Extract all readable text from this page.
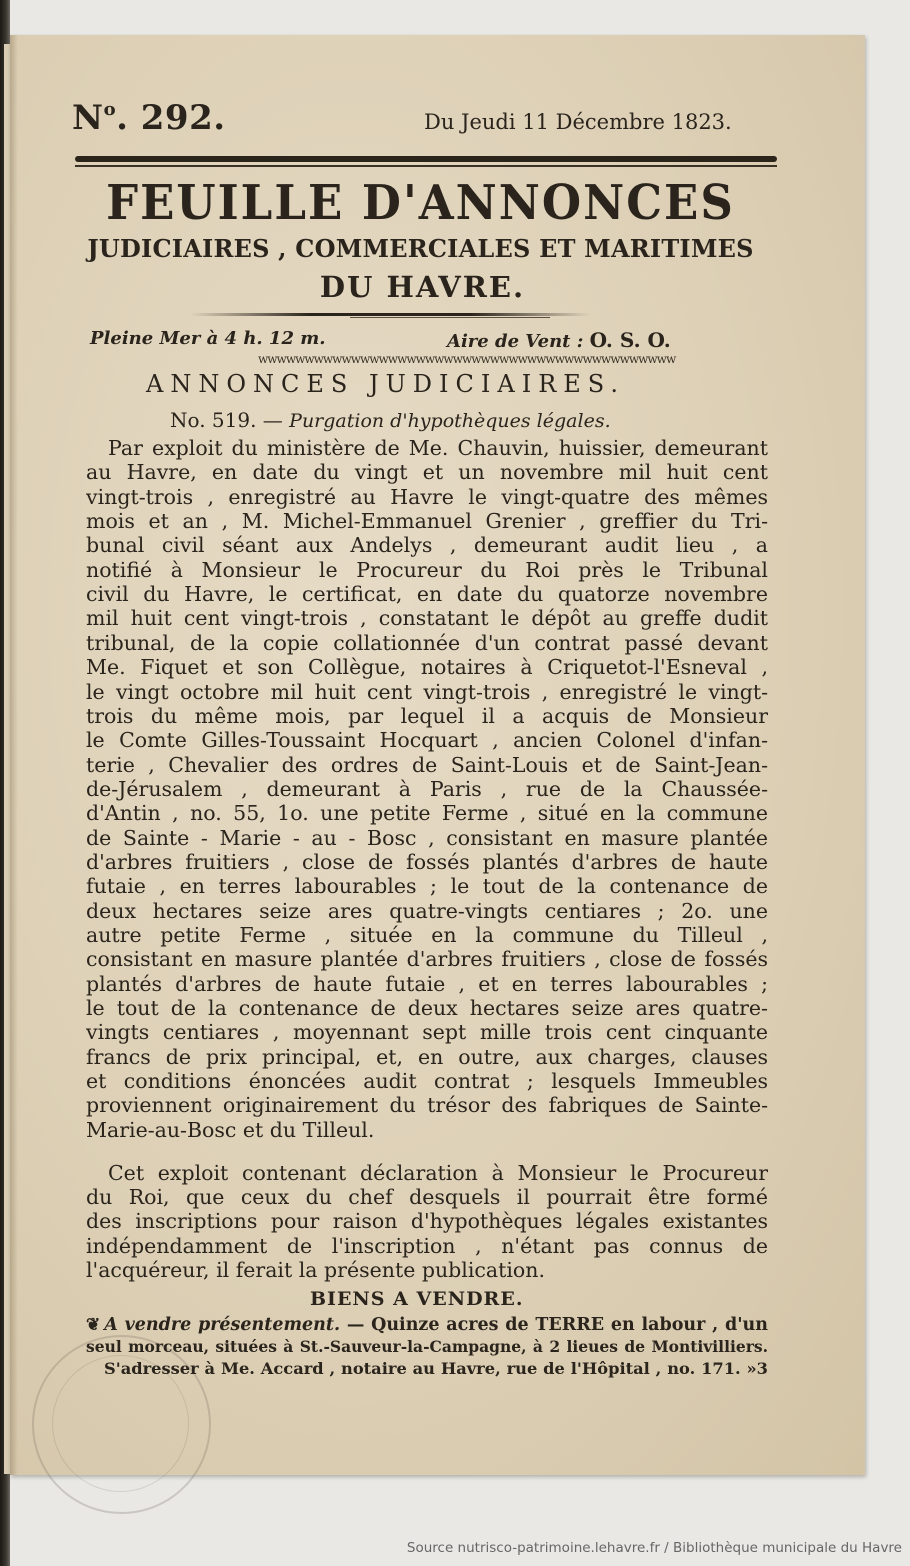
$N^o$. 292.	Du Jeudi 11 Décembre 1823.
FEUILLE D'ANNONCES
JUDICIAIRES , COMMERCIALES ET MARITIMES
DU HAVRE.
Pleine Mer à 4 h. 12 m.	Aire de Vent : O. S. O.
wwwwwwwwwwwwwwwwwwwwwwwwwwwwwwwwwwwwwwwwwwwww
ANNONCES JUDICIAIRES.
No. 519. — Purgation d'hypothèques légales.
Par exploit du ministère de Me. Chauvin, huissier, demeurant
au Havre, en date du vingt et un novembre mil huit cent
vingt-trois , enregistré au Havre le vingt-quatre des mêmes
mois et an , M. Michel-Emmanuel Grenier , greffier du Tri-
bunal civil séant aux Andelys , demeurant audit lieu , a
notifié à Monsieur le Procureur du Roi près le Tribunal
civil du Havre, le certificat, en date du quatorze novembre
mil huit cent vingt-trois , constatant le dépôt au greffe dudit
tribunal, de la copie collationnée d'un contrat passé devant
Me. Fiquet et son Collègue, notaires à Criquetot-l'Esneval ,
le vingt octobre mil huit cent vingt-trois , enregistré le vingt-
trois du même mois, par lequel il a acquis de Monsieur
le Comte Gilles-Toussaint Hocquart , ancien Colonel d'infan-
terie , Chevalier des ordres de Saint-Louis et de Saint-Jean-
de-Jérusalem , demeurant à Paris , rue de la Chaussée-
d'Antin , no. 55, 1o. une petite Ferme , situé en la commune
de Sainte - Marie - au - Bosc , consistant en masure plantée
d'arbres fruitiers , close de fossés plantés d'arbres de haute
futaie , en terres labourables ; le tout de la contenance de
deux hectares seize ares quatre-vingts centiares ; 2o. une
autre petite Ferme , située en la commune du Tilleul ,
consistant en masure plantée d'arbres fruitiers , close de fossés
plantés d'arbres de haute futaie , et en terres labourables ;
le tout de la contenance de deux hectares seize ares quatre-
vingts centiares , moyennant sept mille trois cent cinquante
francs de prix principal, et, en outre, aux charges, clauses
et conditions énoncées audit contrat ; lesquels Immeubles
proviennent originairement du trésor des fabriques de Sainte-
Marie-au-Bosc et du Tilleul.
Cet exploit contenant déclaration à Monsieur le Procureur
du Roi, que ceux du chef desquels il pourrait être formé
des inscriptions pour raison d'hypothèques légales existantes
indépendamment de l'inscription , n'étant pas connus de
l'acquéreur, il ferait la présente publication.
BIENS A VENDRE.
❦ A vendre présentement. — Quinze acres de TERRE en labour , d'un
seul morceau, situées à St.-Sauveur-la-Campagne, à 2 lieues de Montivilliers.
S'adresser à Me. Accard , notaire au Havre, rue de l'Hôpital , no. 171. »3
Source nutrisco-patrimoine.lehavre.fr / Bibliothèque municipale du Havre
